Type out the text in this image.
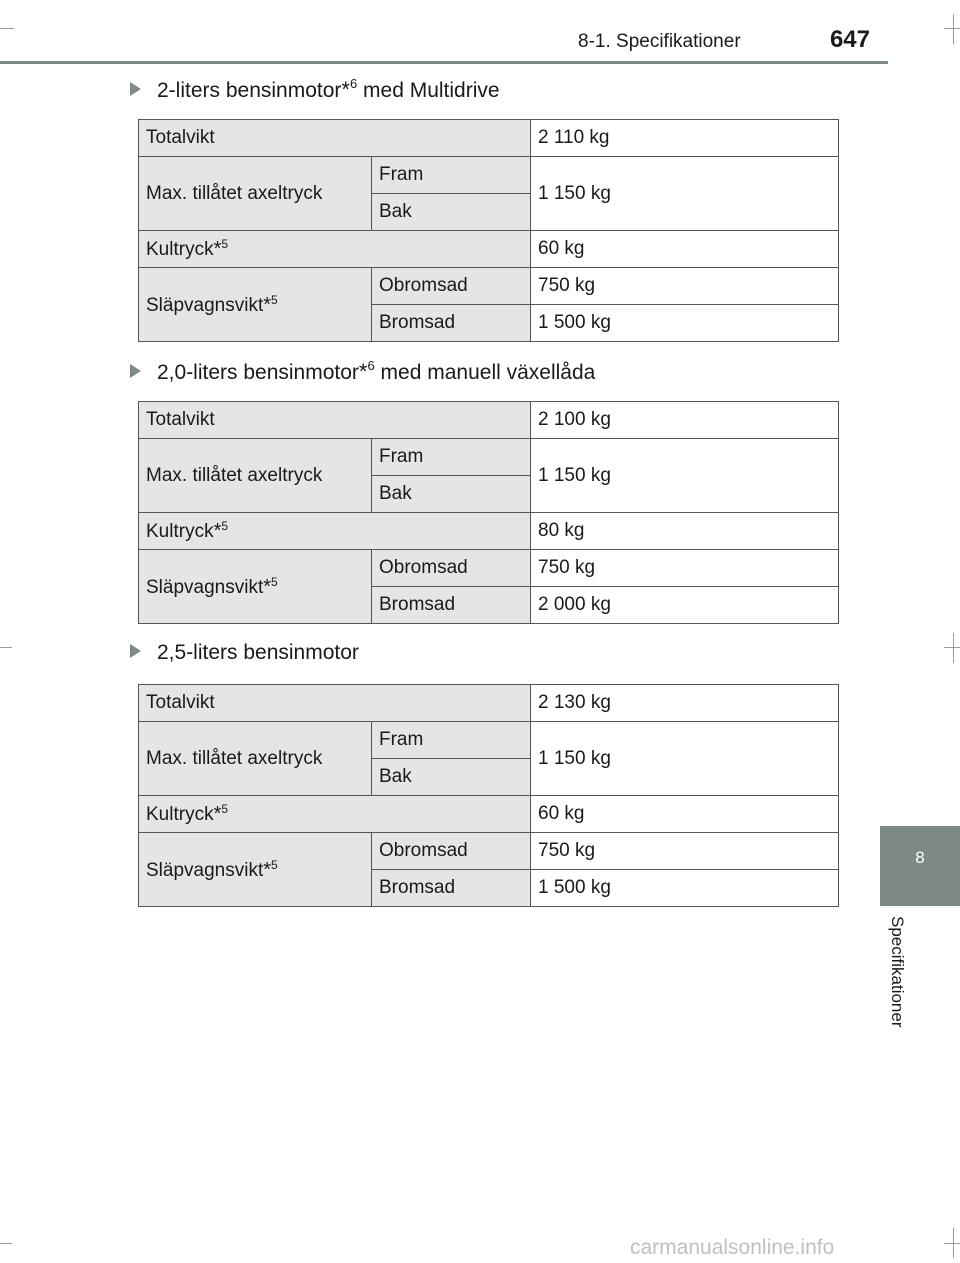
8-1. Specifikationer	647
8
Specifikationer
2-liters bensinmotor*$^6$ med Multidrive
Totalvikt		2 110 kg
Max. tillåtet axeltryck	Fram	1 150 kg
	Bak	
Kultryck*$^5$		60 kg
Släpvagnsvikt*$^5$	Obromsad	750 kg
	Bromsad	1 500 kg
2,0-liters bensinmotor*$^6$ med manuell växellåda
Totalvikt		2 100 kg
Max. tillåtet axeltryck	Fram	1 150 kg
	Bak	
Kultryck*$^5$		80 kg
Släpvagnsvikt*$^5$	Obromsad	750 kg
	Bromsad	2 000 kg
2,5-liters bensinmotor
Totalvikt		2 130 kg
Max. tillåtet axeltryck	Fram	1 150 kg
	Bak	
Kultryck*$^5$		60 kg
Släpvagnsvikt*$^5$	Obromsad	750 kg
	Bromsad	1 500 kg
carmanualsonline.info
